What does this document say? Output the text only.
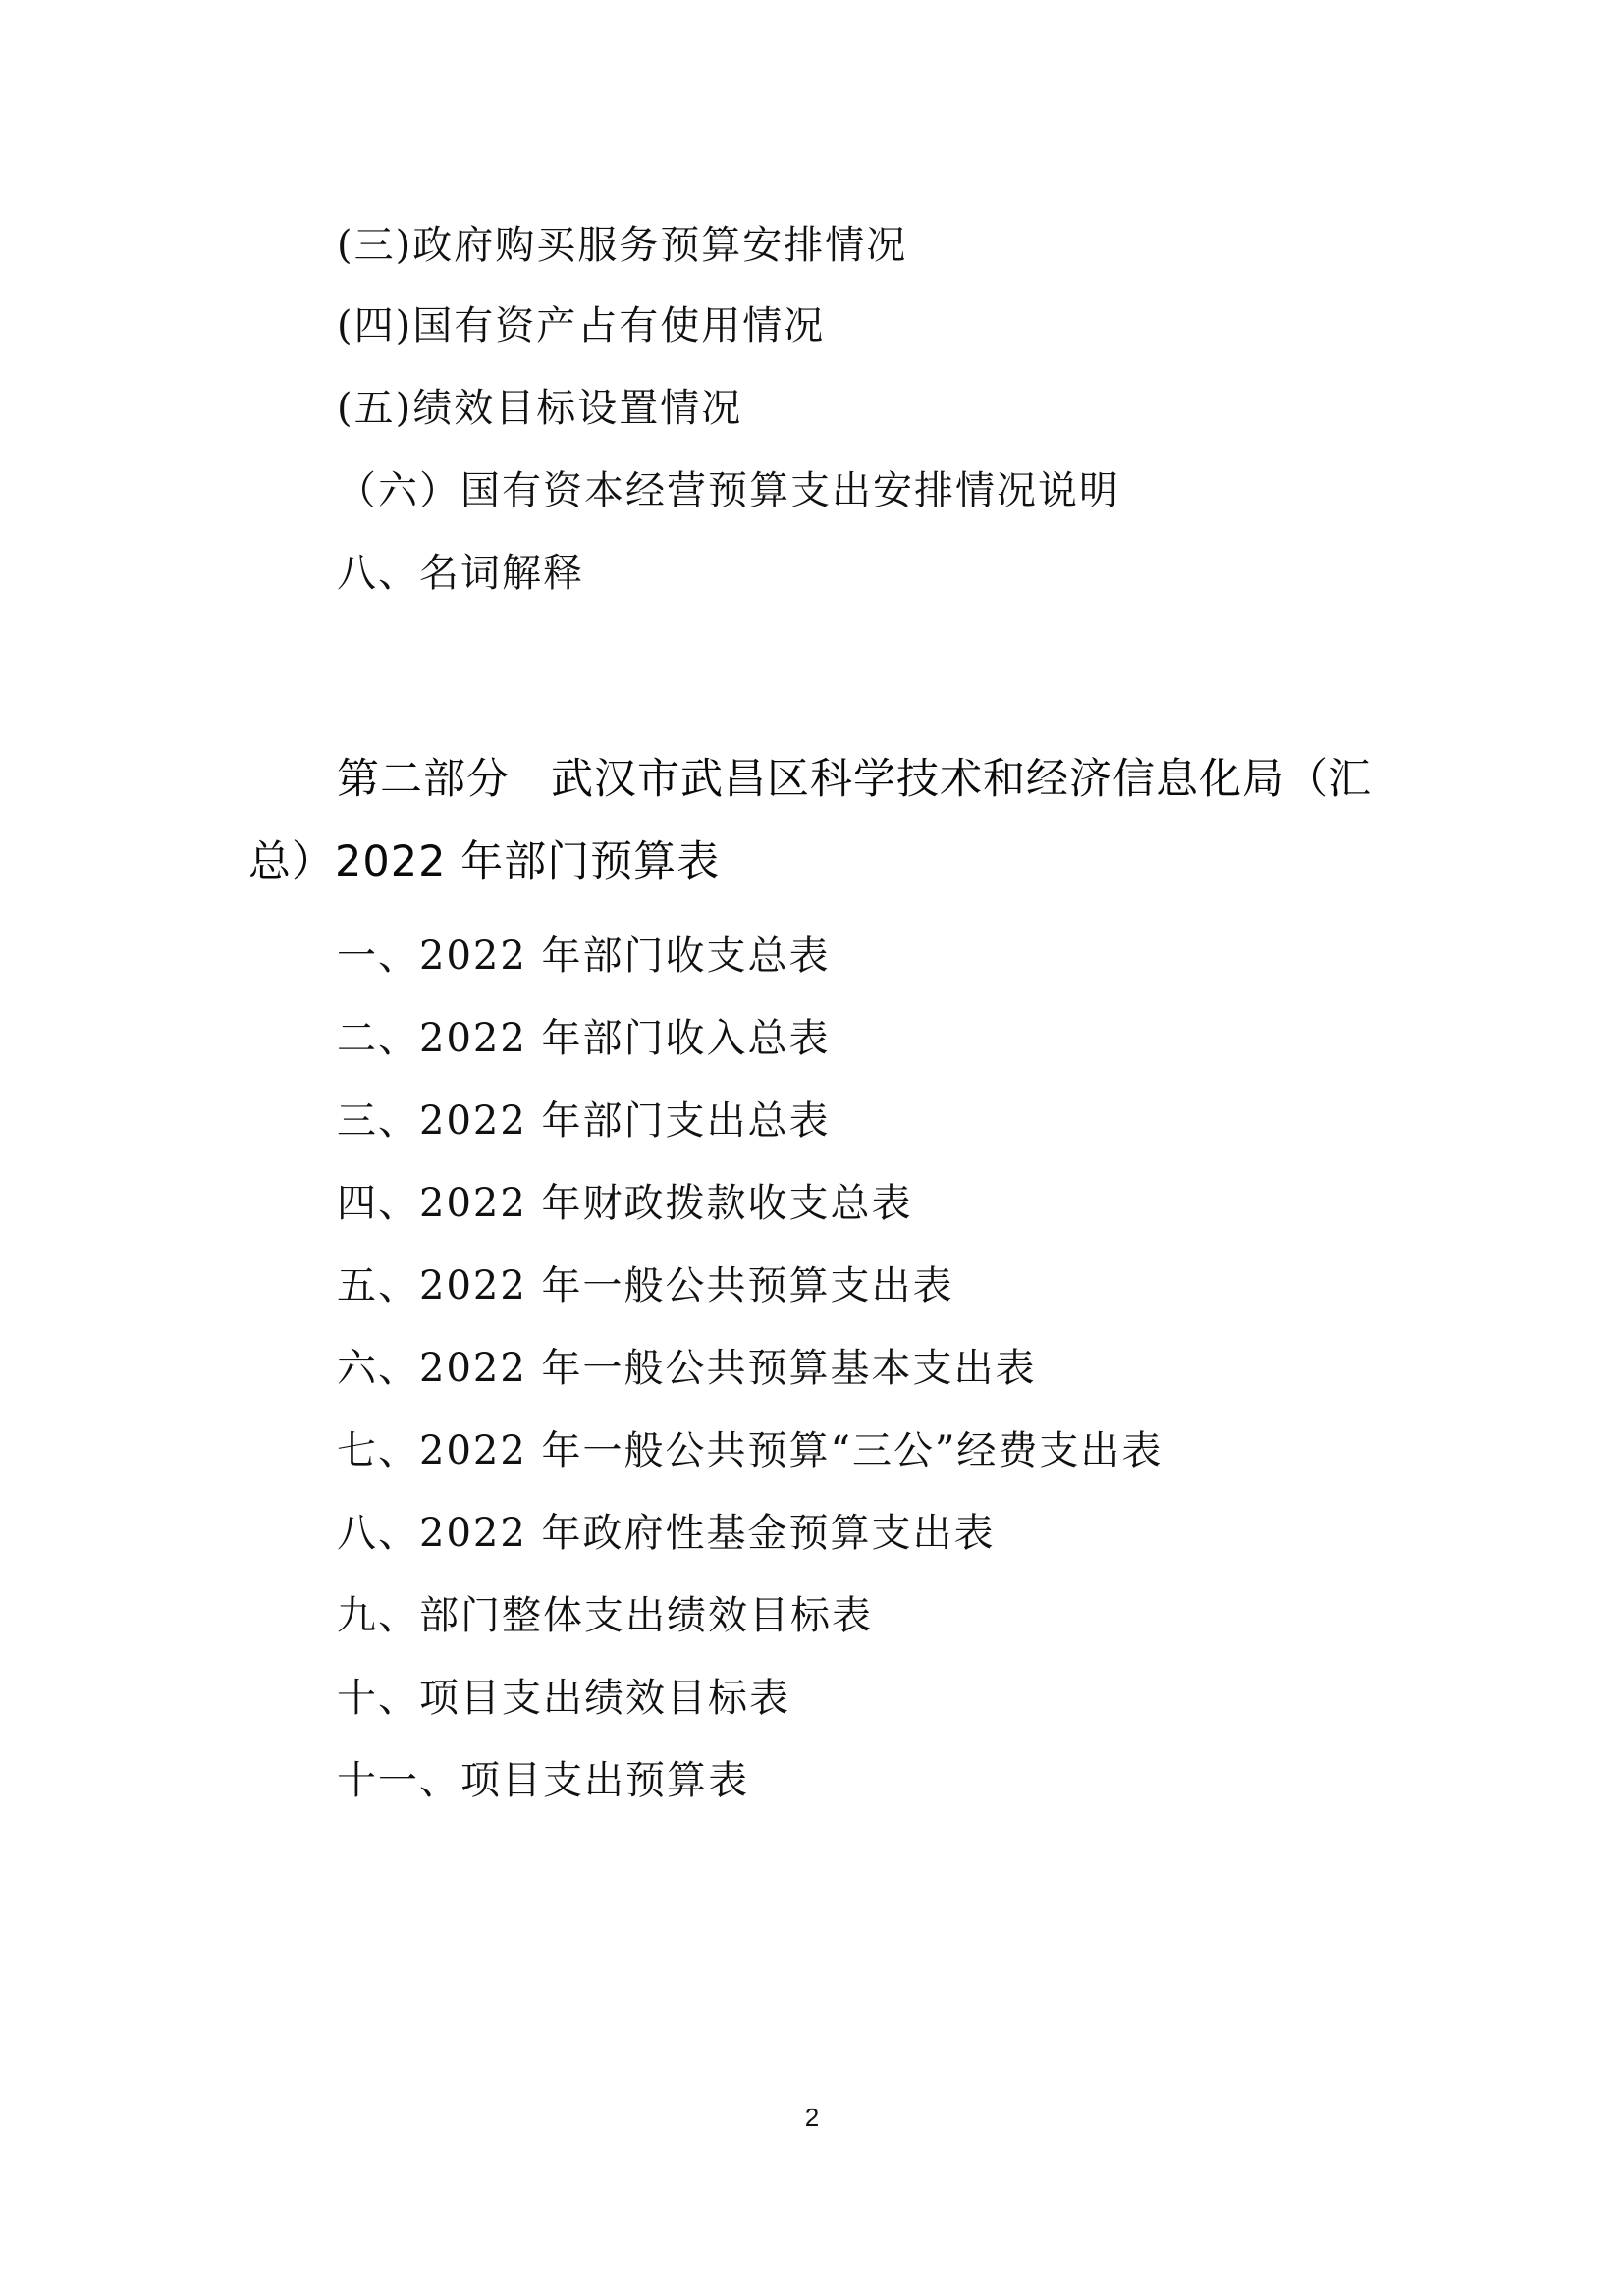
(三)政府购买服务预算安排情况
(四)国有资产占有使用情况
(五)绩效目标设置情况
（六）国有资本经营预算支出安排情况说明
八、名词解释
第二部分 武汉市武昌区科学技术和经济信息化局（汇
总）2022 年部门预算表
一、2022 年部门收支总表
二、2022 年部门收入总表
三、2022 年部门支出总表
四、2022 年财政拨款收支总表
五、2022 年一般公共预算支出表
六、2022 年一般公共预算基本支出表
七、2022 年一般公共预算“三公”经费支出表
八、2022 年政府性基金预算支出表
九、部门整体支出绩效目标表
十、项目支出绩效目标表
十一、项目支出预算表
2
